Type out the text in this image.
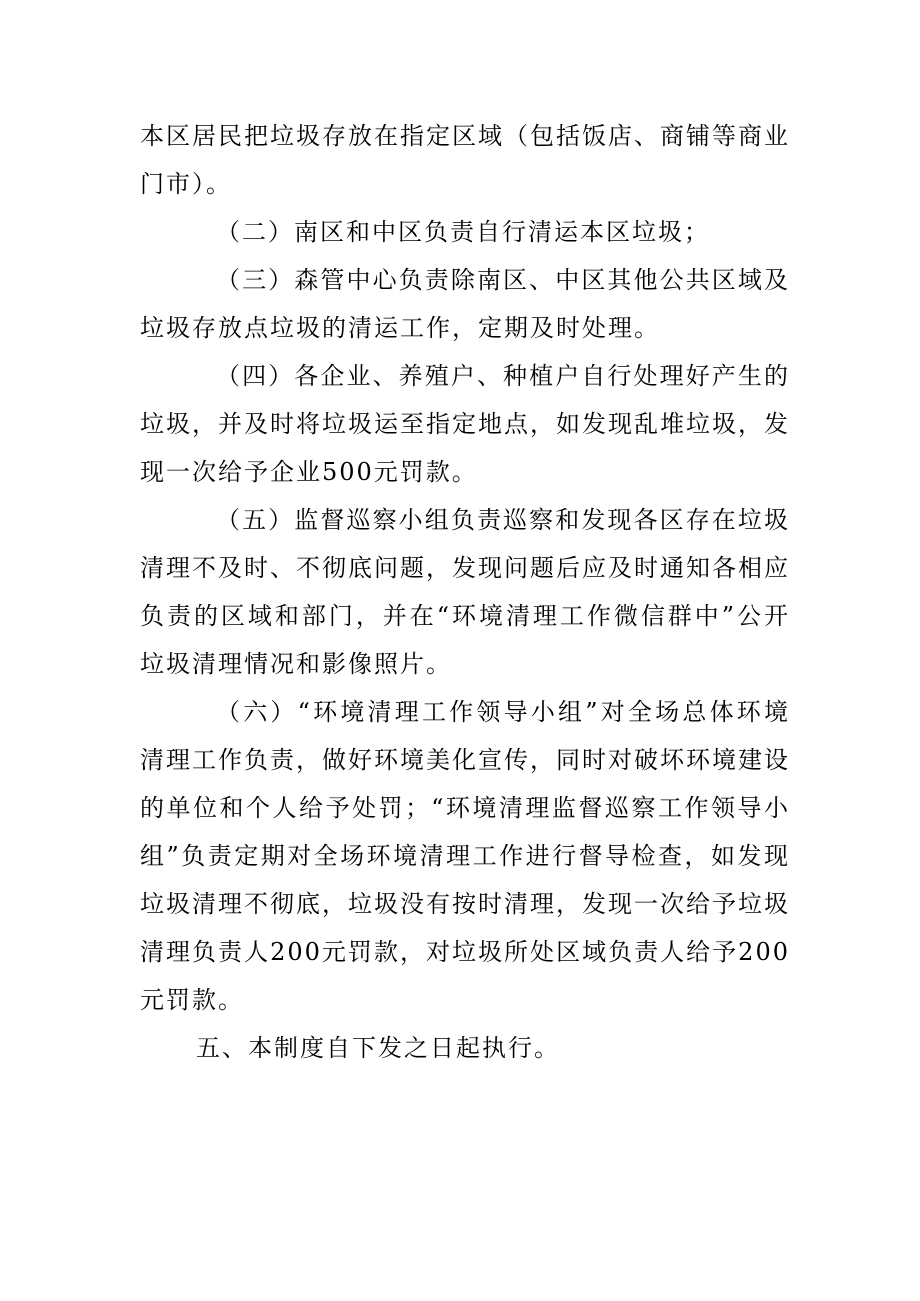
本区居民把垃圾存放在指定区域（包括饭店、商铺等商业门市）。

（二）南区和中区负责自行清运本区垃圾；

（三）森管中心负责除南区、中区其他公共区域及垃圾存放点垃圾的清运工作，定期及时处理。

（四）各企业、养殖户、种植户自行处理好产生的垃圾，并及时将垃圾运至指定地点，如发现乱堆垃圾，发现一次给予企业500元罚款。

（五）监督巡察小组负责巡察和发现各区存在垃圾清理不及时、不彻底问题，发现问题后应及时通知各相应负责的区域和部门，并在“环境清理工作微信群中”公开垃圾清理情况和影像照片。

（六）“环境清理工作领导小组”对全场总体环境清理工作负责，做好环境美化宣传，同时对破坏环境建设的单位和个人给予处罚；“环境清理监督巡察工作领导小组”负责定期对全场环境清理工作进行督导检查，如发现垃圾清理不彻底，垃圾没有按时清理，发现一次给予垃圾清理负责人200元罚款，对垃圾所处区域负责人给予200元罚款。

五、本制度自下发之日起执行。
